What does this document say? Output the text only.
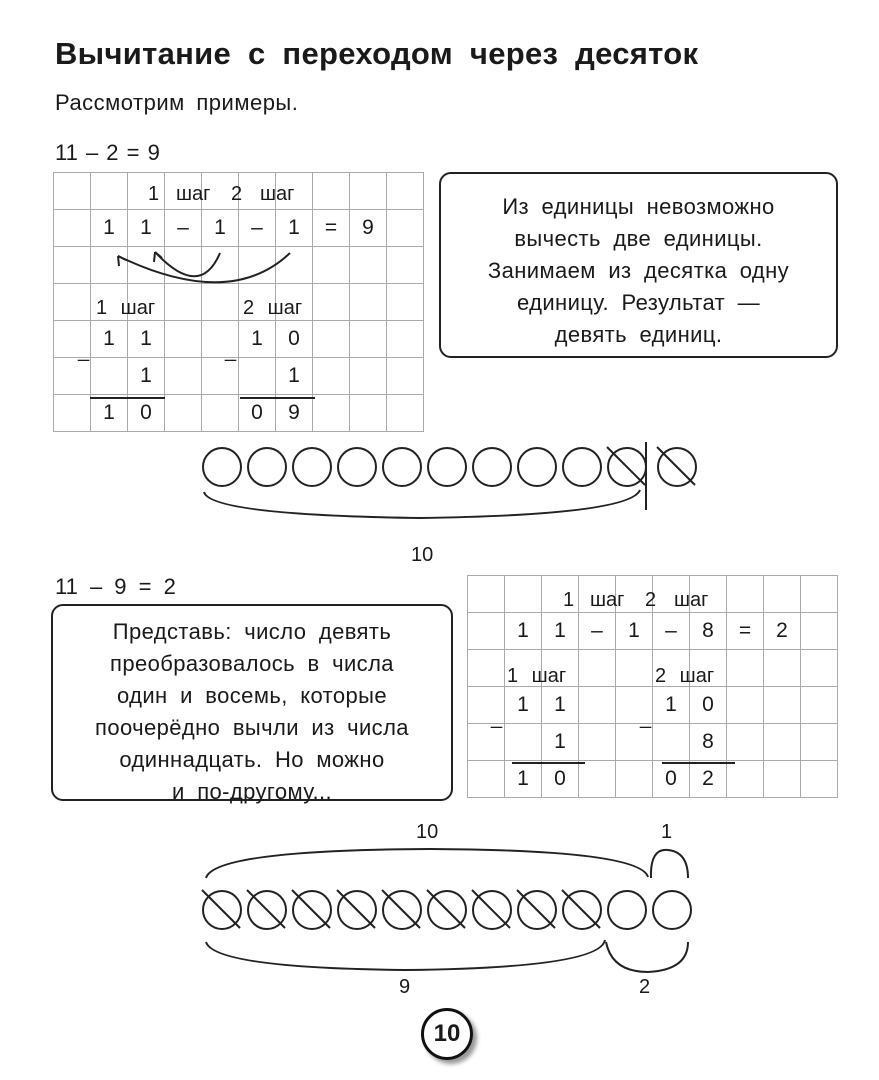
Вычитание с переходом через десяток
Рассмотрим примеры.
11 – 2 = 9

	1	1	–	1	–	1	=	9	

	1	1			1	0			
		1				1			
	1	0			0	9			
1 шаг 2 шаг
1 шаг	2 шаг
_	_
Из единицы невозможно
вычесть две единицы.
Занимаем из десятка одну
единицу. Результат —
девять единиц.
10
11 – 9 = 2

	1	1	–	1	–	8	=	2	

	1	1			1	0			
		1				8			
	1	0			0	2			
1 шаг 2 шаг
1 шаг	2 шаг
_	_
Представь: число девять
преобразовалось в числа
один и восемь, которые
поочерёдно вычли из числа
одиннадцать. Но можно
и по-другому...
10	1
9	2
10
